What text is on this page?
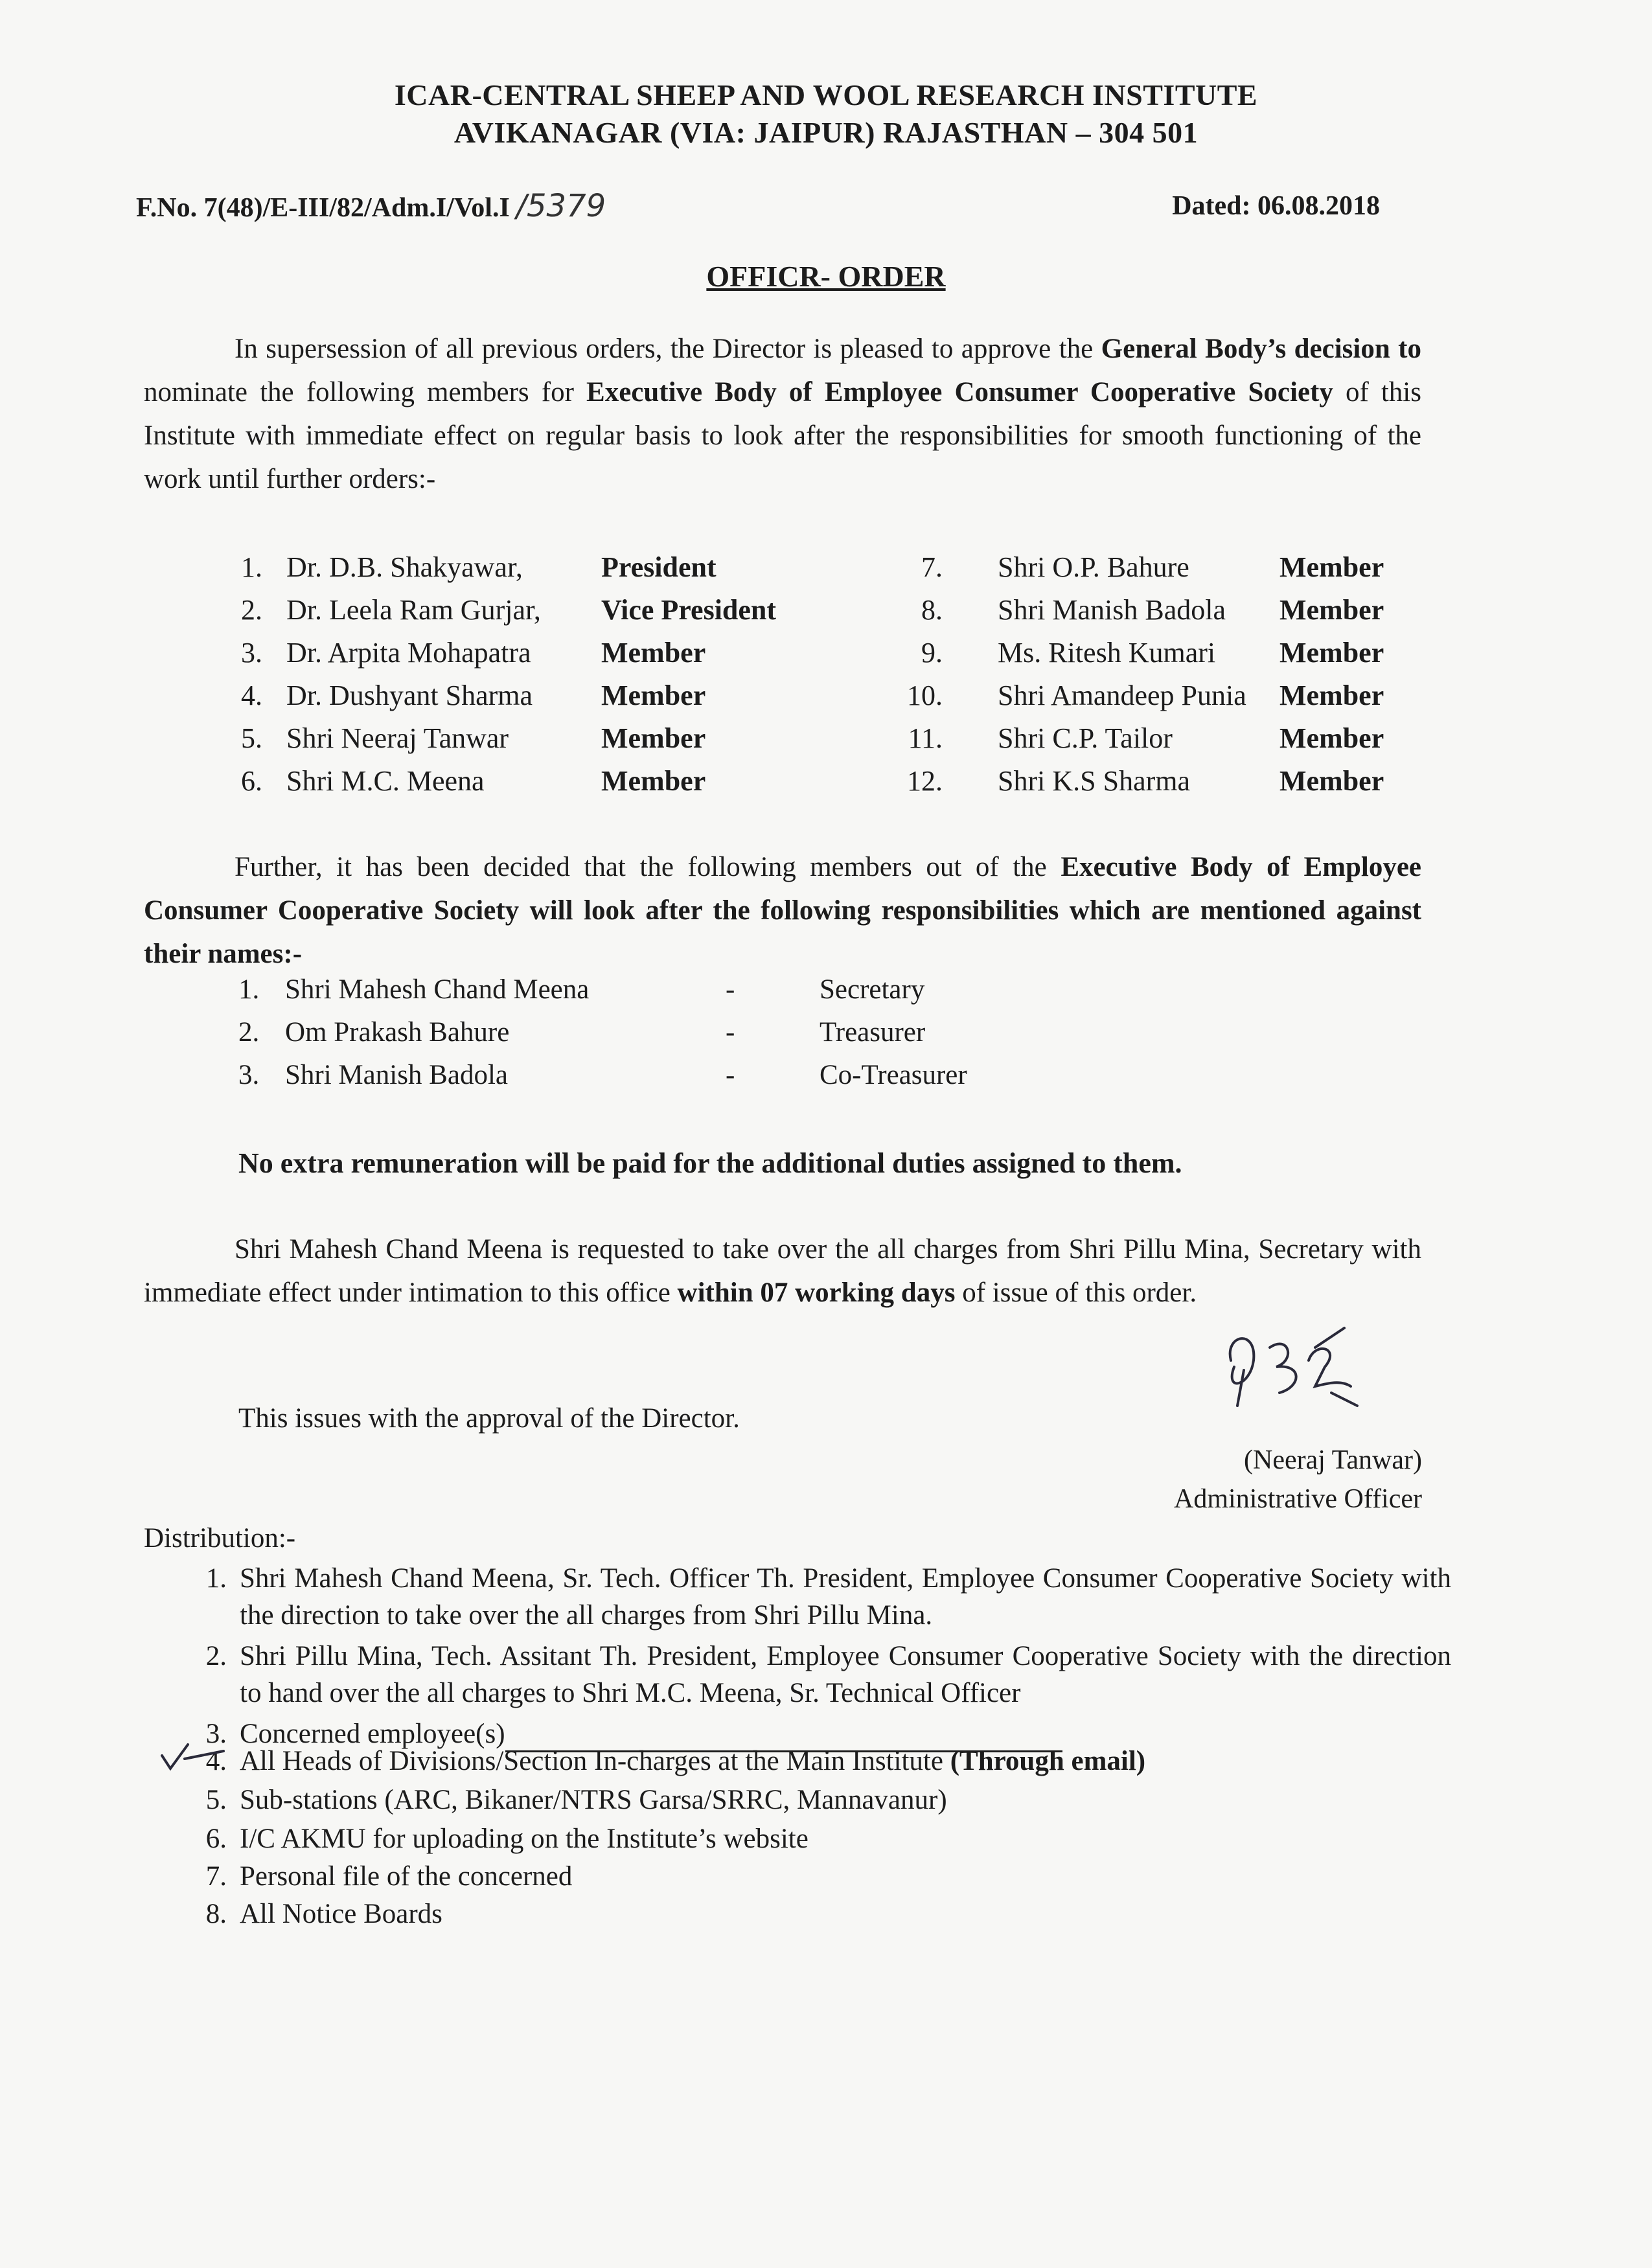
ICAR-CENTRAL SHEEP AND WOOL RESEARCH INSTITUTE
AVIKANAGAR (VIA: JAIPUR) RAJASTHAN – 304 501
F.No. 7(48)/E-III/82/Adm.I/Vol.I /5379	Dated: 06.08.2018
OFFICR- ORDER
In supersession of all previous orders, the Director is pleased to approve the General Body’s decision to nominate the following members for Executive Body of Employee Consumer Cooperative Society of this Institute with immediate effect on regular basis to look after the responsibilities for smooth functioning of the work until further orders:-
1. Dr. D.B. Shakyawar,	President
2. Dr. Leela Ram Gurjar, Vice President
3. Dr. Arpita Mohapatra Member
4. Dr. Dushyant Sharma Member
5. Shri Neeraj Tanwar	Member
6. Shri M.C. Meena	Member
7. Shri O.P. Bahure	Member
8. Shri Manish Badola Member
9. Ms. Ritesh Kumari Member
10. Shri Amandeep Punia Member
11. Shri C.P. Tailor	Member
12. Shri K.S Sharma	Member
Further, it has been decided that the following members out of the Executive Body of Employee Consumer Cooperative Society will look after the following responsibilities which are mentioned against their names:-
1. Shri Mahesh Chand Meena	-	Secretary
2. Om Prakash Bahure	-	Treasurer
3. Shri Manish Badola	-	Co-Treasurer
No extra remuneration will be paid for the additional duties assigned to them.
Shri Mahesh Chand Meena is requested to take over the all charges from Shri Pillu Mina, Secretary with immediate effect under intimation to this office within 07 working days of issue of this order.
This issues with the approval of the Director.
(Neeraj Tanwar)
Administrative Officer
Distribution:-
1. Shri Mahesh Chand Meena, Sr. Tech. Officer Th. President, Employee Consumer Cooperative Society with the direction to take over the all charges from Shri Pillu Mina.
2. Shri Pillu Mina, Tech. Assitant Th. President, Employee Consumer Cooperative Society with the direction to hand over the all charges to Shri M.C. Meena, Sr. Technical Officer
3. Concerned employee(s)
4. All Heads of Divisions/Section In-charges at the Main Institute (Through email)
5. Sub-stations (ARC, Bikaner/NTRS Garsa/SRRC, Mannavanur)
6. I/C AKMU for uploading on the Institute’s website
7. Personal file of the concerned
8. All Notice Boards
